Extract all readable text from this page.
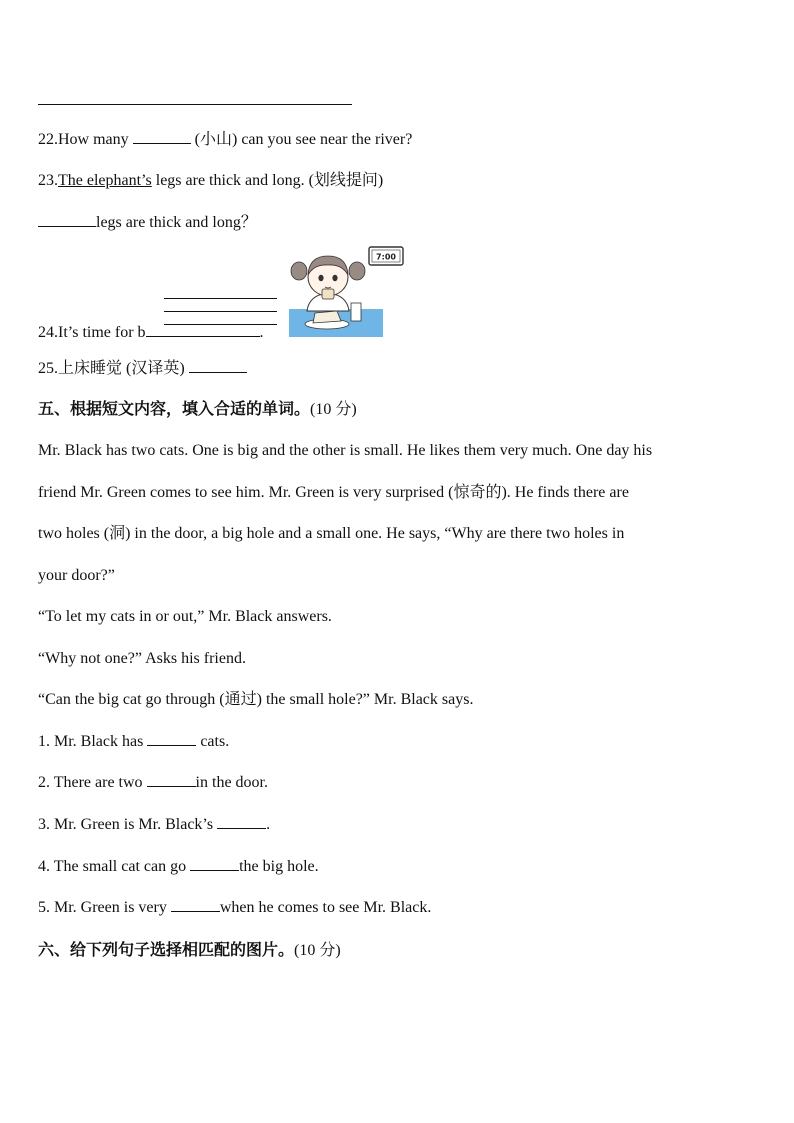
22.How many	(小山) can you see near the river?
23.The elephant’s legs are thick and long. (划线提问)
legs are thick and long？
24.It’s time for b	.
7:00
25.上床睡觉 (汉译英)
五、根据短文内容，填入合适的单词。(10 分)
Mr. Black has two cats. One is big and the other is small. He likes them very much. One day his
friend Mr. Green comes to see him. Mr. Green is very surprised (惊奇的). He finds there are
two holes (洞) in the door, a big hole and a small one. He says, “Why are there two holes in
your door?”
“To let my cats in or out,” Mr. Black answers.
“Why not one?” Asks his friend.
“Can the big cat go through (通过) the small hole?” Mr. Black says.
1. Mr. Black has	cats.
2. There are two	in the door.
3. Mr. Green is Mr. Black’s	.
4. The small cat can go	the big hole.
5. Mr. Green is very	when he comes to see Mr. Black.
六、给下列句子选择相匹配的图片。(10 分)
